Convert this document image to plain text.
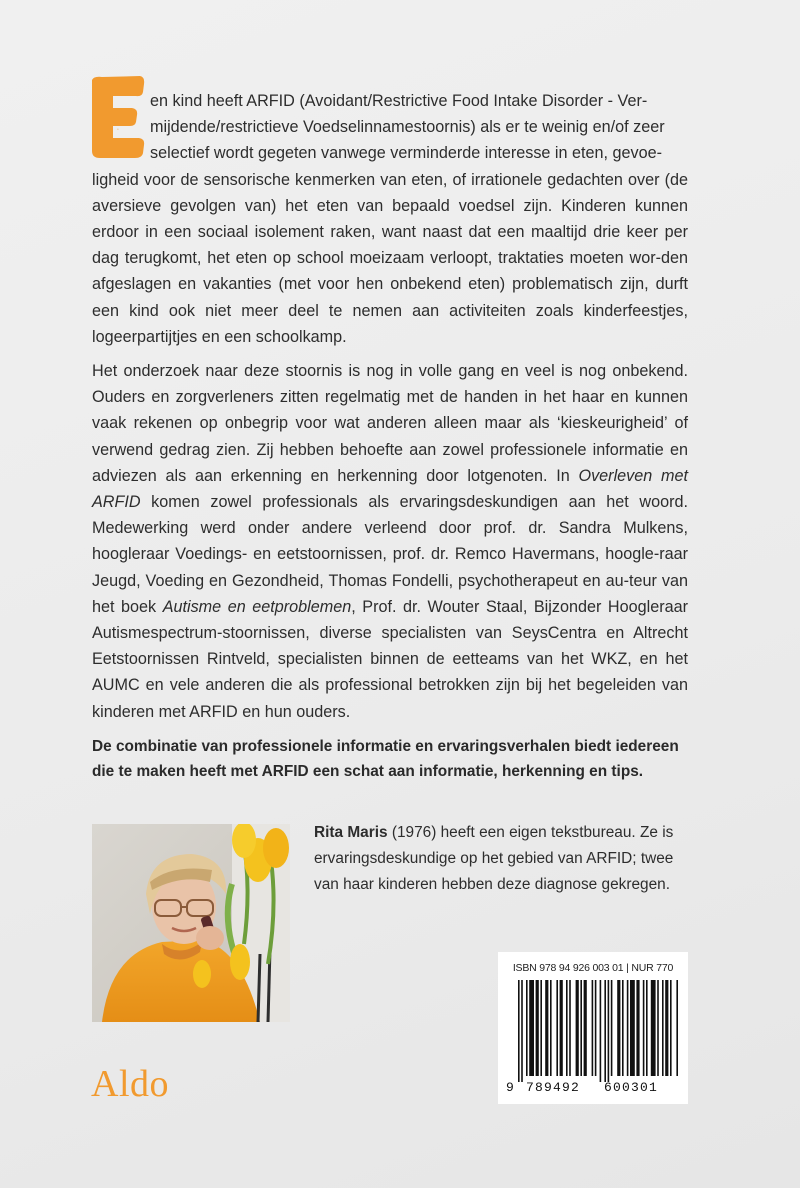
E

en kind heeft ARFID (Avoidant/Restrictive Food Intake Disorder - Ver-
mijdende/restrictieve Voedselinnamestoornis) als er te weinig en/of zeer
selectief wordt gegeten vanwege verminderde interesse in eten, gevoe-
ligheid voor de sensorische kenmerken van eten, of irrationele gedachten over (de aversieve gevolgen van) het eten van bepaald voedsel zijn. Kinderen kunnen erdoor in een sociaal isolement raken, want naast dat een maaltijd drie keer per dag terugkomt, het eten op school moeizaam verloopt, traktaties moeten wor-den afgeslagen en vakanties (met voor hen onbekend eten) problematisch zijn, durft een kind ook niet meer deel te nemen aan activiteiten zoals kinderfeestjes, logeerpartijtjes en een schoolkamp.

Het onderzoek naar deze stoornis is nog in volle gang en veel is nog onbekend. Ouders en zorgverleners zitten regelmatig met de handen in het haar en kunnen vaak rekenen op onbegrip voor wat anderen alleen maar als ‘kieskeurigheid’ of verwend gedrag zien. Zij hebben behoefte aan zowel professionele informatie en adviezen als aan erkenning en herkenning door lotgenoten. In Overleven met ARFID komen zowel professionals als ervaringsdeskundigen aan het woord. Medewerking werd onder andere verleend door prof. dr. Sandra Mulkens, hoogleraar Voedings- en eetstoornissen, prof. dr. Remco Havermans, hoogle-raar Jeugd, Voeding en Gezondheid, Thomas Fondelli, psychotherapeut en au-teur van het boek Autisme en eetproblemen, Prof. dr. Wouter Staal, Bijzonder Hoogleraar Autismespectrum-stoornissen, diverse specialisten van SeysCentra en Altrecht Eetstoornissen Rintveld, specialisten binnen de eetteams van het WKZ, en het AUMC en vele anderen die als professional betrokken zijn bij het begeleiden van kinderen met ARFID en hun ouders.

De combinatie van professionele informatie en ervaringsverhalen biedt iedereen die te maken heeft met ARFID een schat aan informatie, herkenning en tips.

Rita Maris (1976) heeft een eigen tekstbureau. Ze is ervaringsdeskundige op het gebied van ARFID; twee van haar kinderen hebben deze diagnose gekregen.

ISBN 978 94 926 003 01 | NUR 770
9 789492 600301
Aldo
